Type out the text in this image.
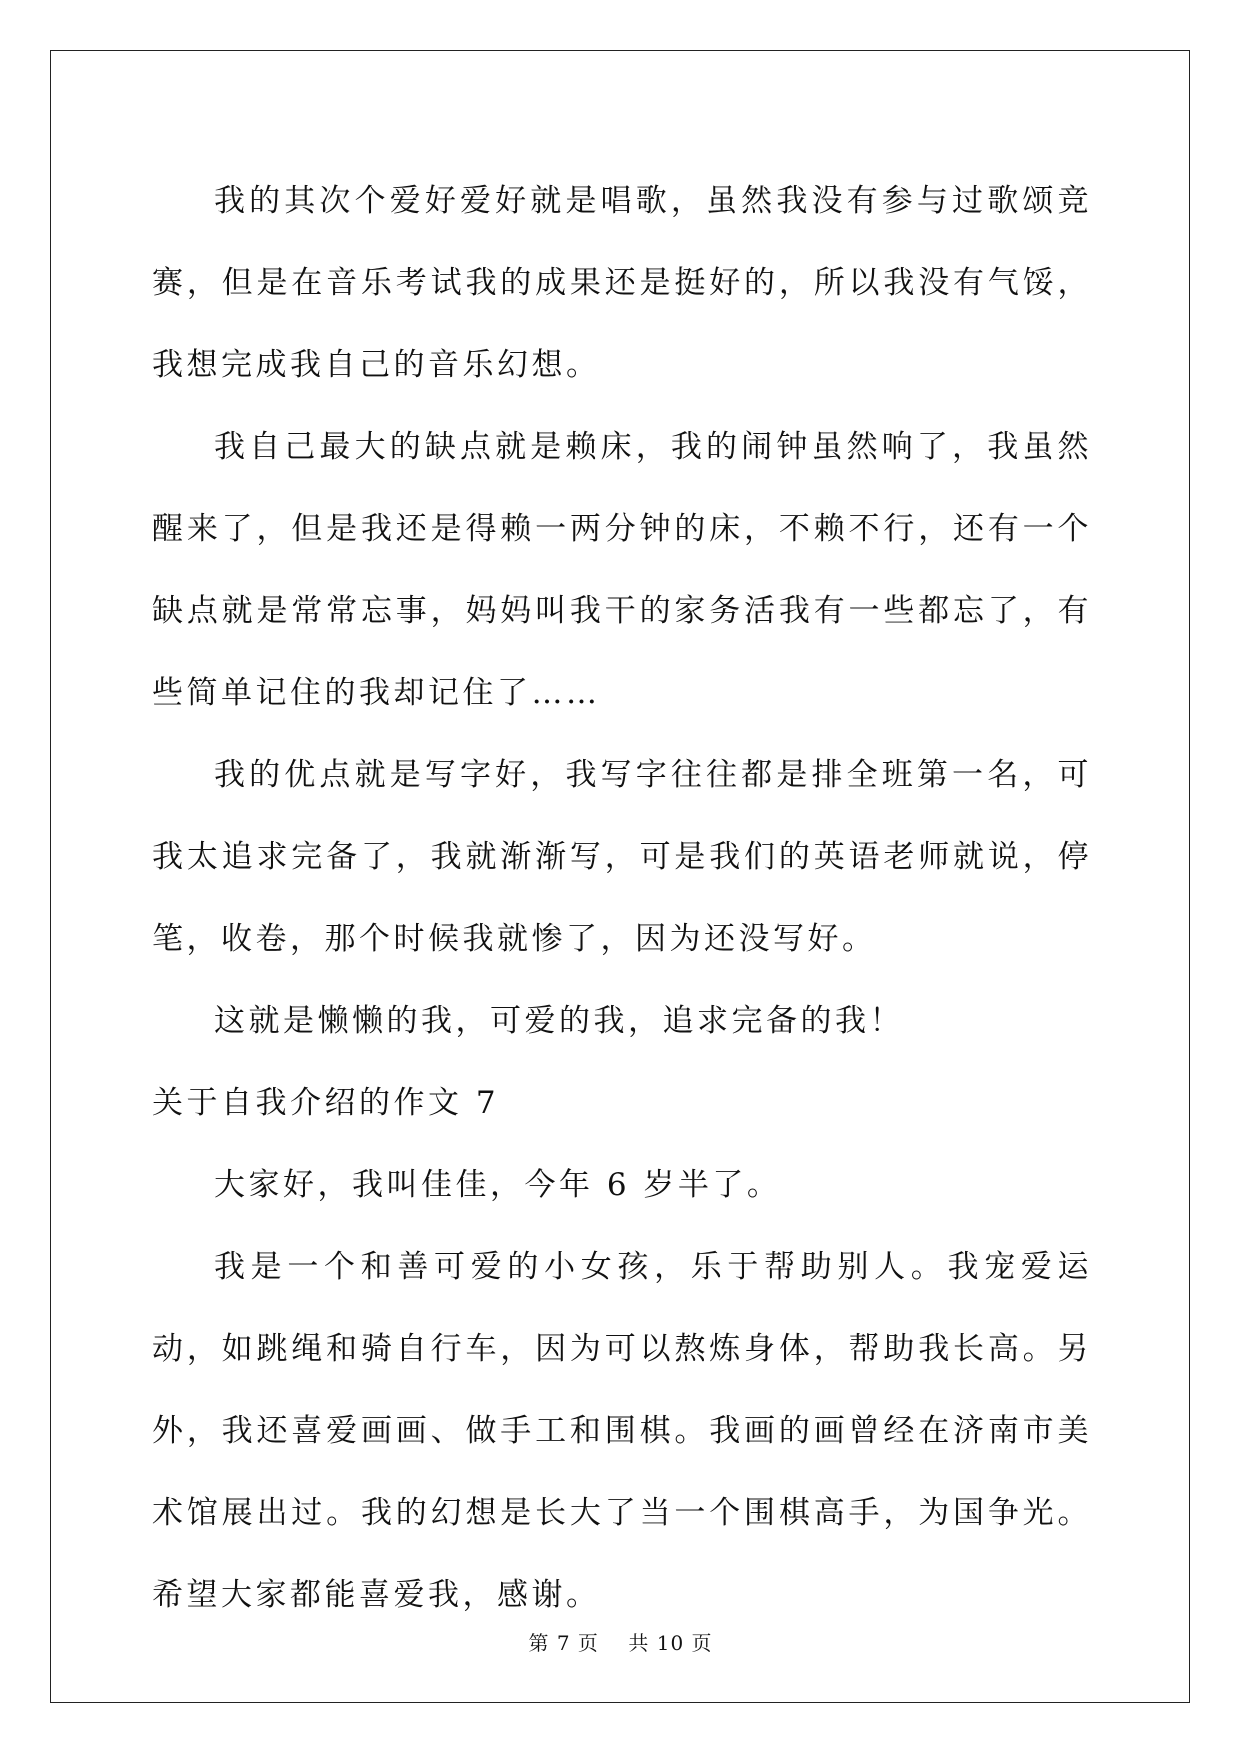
我的其次个爱好爱好就是唱歌，虽然我没有参与过歌颂竞赛，但是在音乐考试我的成果还是挺好的，所以我没有气馁，我想完成我自己的音乐幻想。

我自己最大的缺点就是赖床，我的闹钟虽然响了，我虽然醒来了，但是我还是得赖一两分钟的床，不赖不行，还有一个缺点就是常常忘事，妈妈叫我干的家务活我有一些都忘了，有些简单记住的我却记住了……

我的优点就是写字好，我写字往往都是排全班第一名，可我太追求完备了，我就渐渐写，可是我们的英语老师就说，停笔，收卷，那个时候我就惨了，因为还没写好。

这就是懒懒的我，可爱的我，追求完备的我！

关于自我介绍的作文 7

大家好，我叫佳佳，今年 6 岁半了。

我是一个和善可爱的小女孩，乐于帮助别人。我宠爱运动，如跳绳和骑自行车，因为可以熬炼身体，帮助我长高。另外，我还喜爱画画、做手工和围棋。我画的画曾经在济南市美术馆展出过。我的幻想是长大了当一个围棋高手，为国争光。希望大家都能喜爱我，感谢。

第 7 页 共 10 页
